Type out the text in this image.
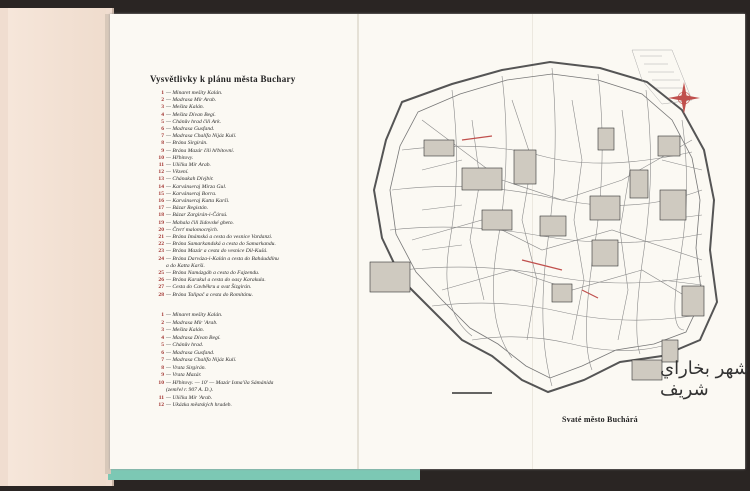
Vysvětlivky k plánu města Buchary
1 — Minaret mešity Kalán.
2 — Madrasa Mír Arab.
3 — Mešita Kalán.
4 — Mešita Dívan Begí.
5 — Chánův hrad čili Ark.
6 — Madrasa Gusfand.
7 — Madrasa Chalífa Nijáz Kulí.
8 — Brána Sirgirán.
9 — Brána Mazár čili hřbitovní.
10 — Hřbitovy.
11 — Ulička Mír Arab.
12 — Vězení.
13 — Chánakah Dívjbir.
14 — Karvánseraj Mirza Gul.
15 — Karvánseraj Borra.
16 — Karvánseraj Katta Karši.
17 — Bázar Registán.
18 — Bázar Zargirán-i-Čársú.
19 — Mahala čili židovské gheto.
20 — Čtvrť malomocných.
21 — Brána Imámská a cesta do vesnice Vardanzi.
22 — Brána Samarkandská a cesta do Samarkandu.
23 — Brána Mazár a cesta do vesnice Dil-Kušá.
24 — Brána Darváza-i-Kalán a cesta do Baháuddínu
a do Katta Karši.
25 — Brána Namázgáh a cesta do Fajzendu.
26 — Brána Karakul a cesta do oasy Karakula.
27 — Cesta do Cavběkru a svat Šizgirán.
28 — Brána Talipač a cesta do Romitánu.
1 — Minaret mešity Kalán.
2 — Madrasa Mír 'Arab.
3 — Mešita Kalán.
4 — Madrasa Dívan Begí.
5 — Chánův hrad.
6 — Madrasa Gusfand.
7 — Madrasa Chalífa Nijáz Kulí.
8 — Vrata Sirgirán.
9 — Vrata Mazár.
10 — Hřbitovy. — 10' — Mazár Isma'íla Sámánida
(zemřel r. 907 A. D.).
11 — Ulička Mír 'Arab.
12 — Ukázka městských hradeb.
شهر بخاراي شريف
Svaté město Buchárá
